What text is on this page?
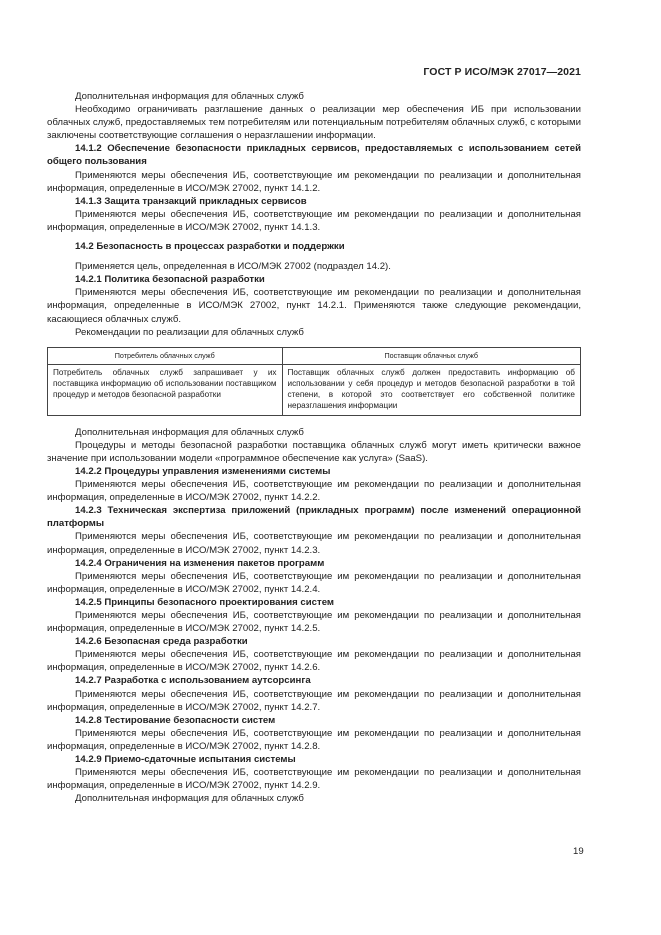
ГОСТ Р ИСО/МЭК 27017—2021

Дополнительная информация для облачных служб

Необходимо ограничивать разглашение данных о реализации мер обеспечения ИБ при использовании облачных служб, предоставляемых тем потребителям или потенциальным потребителям облачных служб, с которыми заключены соответствующие соглашения о неразглашении информации.

14.1.2 Обеспечение безопасности прикладных сервисов, предоставляемых с использованием сетей общего пользования

Применяются меры обеспечения ИБ, соответствующие им рекомендации по реализации и дополнительная информация, определенные в ИСО/МЭК 27002, пункт 14.1.2.

14.1.3 Защита транзакций прикладных сервисов

Применяются меры обеспечения ИБ, соответствующие им рекомендации по реализации и дополнительная информация, определенные в ИСО/МЭК 27002, пункт 14.1.3.

14.2 Безопасность в процессах разработки и поддержки

Применяется цель, определенная в ИСО/МЭК 27002 (подраздел 14.2).

14.2.1 Политика безопасной разработки

Применяются меры обеспечения ИБ, соответствующие им рекомендации по реализации и дополнительная информация, определенные в ИСО/МЭК 27002, пункт 14.2.1. Применяются также следующие рекомендации, касающиеся облачных служб.

Рекомендации по реализации для облачных служб

Потребитель облачных служб	Поставщик облачных служб
Потребитель облачных служб запрашивает у их поставщика информацию об использовании поставщиком процедур и методов безопасной разработки	Поставщик облачных служб должен предоставить информацию об использовании у себя процедур и методов безопасной разработки в той степени, в которой это соответствует его собственной политике неразглашения информации

Дополнительная информация для облачных служб

Процедуры и методы безопасной разработки поставщика облачных служб могут иметь критически важное значение при использовании модели «программное обеспечение как услуга» (SaaS).

14.2.2 Процедуры управления изменениями системы

Применяются меры обеспечения ИБ, соответствующие им рекомендации по реализации и дополнительная информация, определенные в ИСО/МЭК 27002, пункт 14.2.2.

14.2.3 Техническая экспертиза приложений (прикладных программ) после изменений операционной платформы

Применяются меры обеспечения ИБ, соответствующие им рекомендации по реализации и дополнительная информация, определенные в ИСО/МЭК 27002, пункт 14.2.3.

14.2.4 Ограничения на изменения пакетов программ

Применяются меры обеспечения ИБ, соответствующие им рекомендации по реализации и дополнительная информация, определенные в ИСО/МЭК 27002, пункт 14.2.4.

14.2.5 Принципы безопасного проектирования систем

Применяются меры обеспечения ИБ, соответствующие им рекомендации по реализации и дополнительная информация, определенные в ИСО/МЭК 27002, пункт 14.2.5.

14.2.6 Безопасная среда разработки

Применяются меры обеспечения ИБ, соответствующие им рекомендации по реализации и дополнительная информация, определенные в ИСО/МЭК 27002, пункт 14.2.6.

14.2.7 Разработка с использованием аутсорсинга

Применяются меры обеспечения ИБ, соответствующие им рекомендации по реализации и дополнительная информация, определенные в ИСО/МЭК 27002, пункт 14.2.7.

14.2.8 Тестирование безопасности систем

Применяются меры обеспечения ИБ, соответствующие им рекомендации по реализации и дополнительная информация, определенные в ИСО/МЭК 27002, пункт 14.2.8.

14.2.9 Приемо-сдаточные испытания системы

Применяются меры обеспечения ИБ, соответствующие им рекомендации по реализации и дополнительная информация, определенные в ИСО/МЭК 27002, пункт 14.2.9.

Дополнительная информация для облачных служб

19
